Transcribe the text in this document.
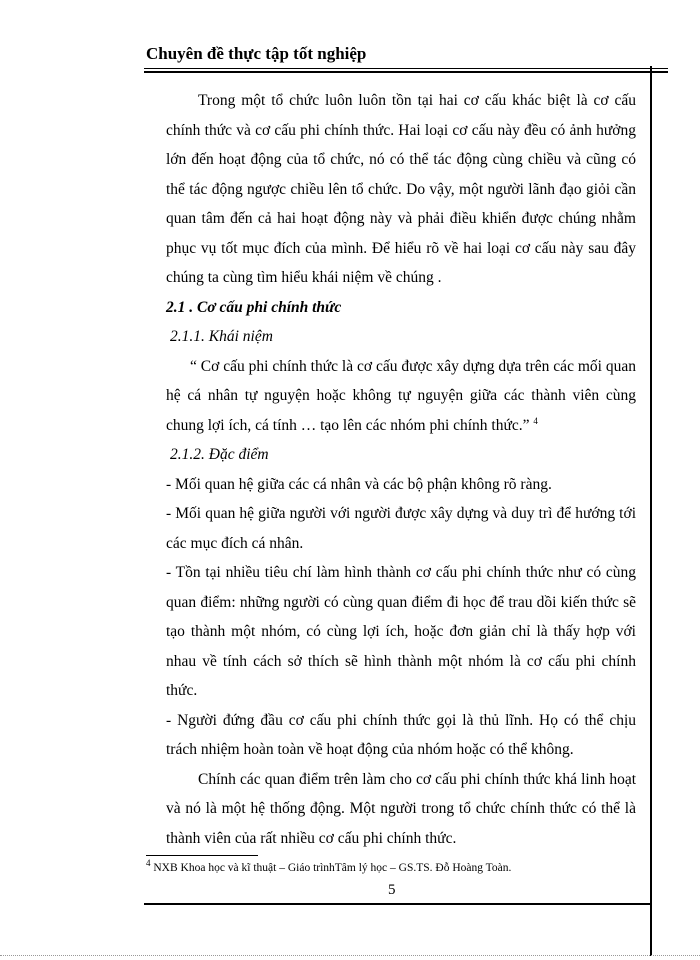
Chuyên đề thực tập tốt nghiệp

Trong một tổ chức luôn luôn tồn tại hai cơ cấu khác biệt là cơ cấu chính thức và cơ cấu phi chính thức. Hai loại cơ cấu này đều có ảnh hưởng lớn đến hoạt động của tổ chức, nó có thể tác động cùng chiều và cũng có thể tác động ngược chiều lên tổ chức. Do vậy, một người lãnh đạo giỏi cần quan tâm đến cả hai hoạt động này và phải điều khiển được chúng nhằm phục vụ tốt mục đích của mình. Để hiểu rõ về hai loại cơ cấu này sau đây chúng ta cùng tìm hiểu khái niệm về chúng .

2.1 . Cơ cấu phi chính thức

2.1.1. Khái niệm

“ Cơ cấu phi chính thức là cơ cấu được xây dựng dựa trên các mối quan hệ cá nhân tự nguyện hoặc không tự nguyện giữa các thành viên cùng chung lợi ích, cá tính … tạo lên các nhóm phi chính thức.” $^4$

2.1.2. Đặc điểm

- Mối quan hệ giữa các cá nhân và các bộ phận không rõ ràng.

- Mối quan hệ giữa người với người được xây dựng và duy trì để hướng tới các mục đích cá nhân.

- Tồn tại nhiều tiêu chí làm hình thành cơ cấu phi chính thức như có cùng quan điểm: những người có cùng quan điểm đi học để trau dồi kiến thức sẽ tạo thành một nhóm, có cùng lợi ích, hoặc đơn giản chỉ là thấy hợp với nhau về tính cách sở thích sẽ hình thành một nhóm là cơ cấu phi chính thức.

- Người đứng đầu cơ cấu phi chính thức gọi là thủ lĩnh. Họ có thể chịu trách nhiệm hoàn toàn về hoạt động của nhóm hoặc có thể không.

Chính các quan điểm trên làm cho cơ cấu phi chính thức khá linh hoạt và nó là một hệ thống động. Một người trong tổ chức chính thức có thể là thành viên của rất nhiều cơ cấu phi chính thức.

$^4$ NXB Khoa học và kĩ thuật – Giáo trìnhTâm lý học – GS.TS. Đỗ Hoàng Toàn.
5
